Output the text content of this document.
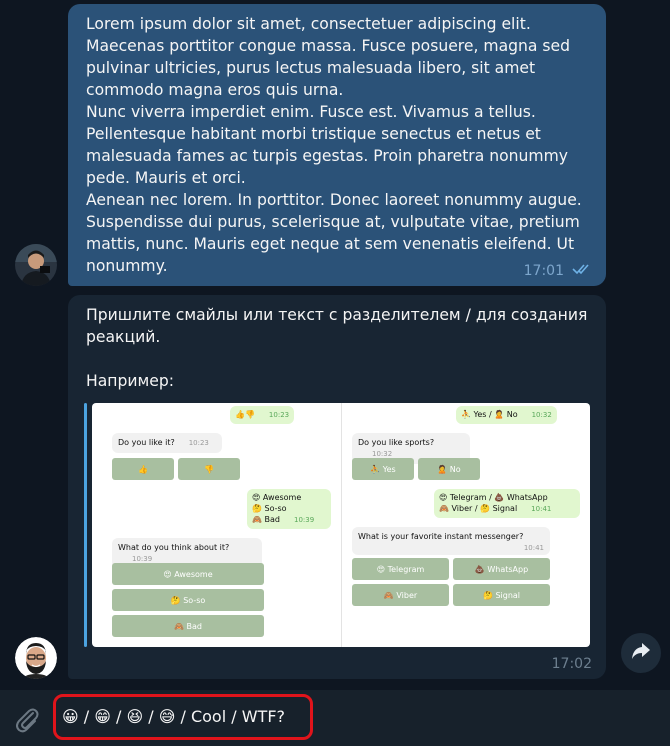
Lorem ipsum dolor sit amet, consectetuer adipiscing elit. Maecenas porttitor congue massa. Fusce posuere, magna sed pulvinar ultricies, purus lectus malesuada libero, sit amet commodo magna eros quis urna.

Nunc viverra imperdiet enim. Fusce est. Vivamus a tellus. Pellentesque habitant morbi tristique senectus et netus et malesuada fames ac turpis egestas. Proin pharetra nonummy pede. Mauris et orci.

Aenean nec lorem. In porttitor. Donec laoreet nonummy augue. Suspendisse dui purus, scelerisque at, vulputate vitae, pretium mattis, nunc. Mauris eget neque at sem venenatis eleifend. Ut nonummy.	17:01
Пришлите смайлы или текст с разделителем / для создания реакций.
Например:
👍👎 10:23
Do you like it? 10:23
👍	👎
😍 Awesome
🤔 So-so
🙈 Bad 10:39
What do you think about it?10:39
😍 Awesome
🤔 So-so
🙈 Bad
⛹ Yes / 🙎 No 10:32
Do you like sports?10:32
⛹ Yes	🙎 No
😍 Telegram / 💩 WhatsApp
🙈 Viber / 🤔 Signal 10:41
What is your favorite instant messenger?
10:41
😍 Telegram	💩 WhatsApp
🙈 Viber	🤔 Signal
17:02
😀 / 😁 / 😆 / 😅 / Cool / WTF?
